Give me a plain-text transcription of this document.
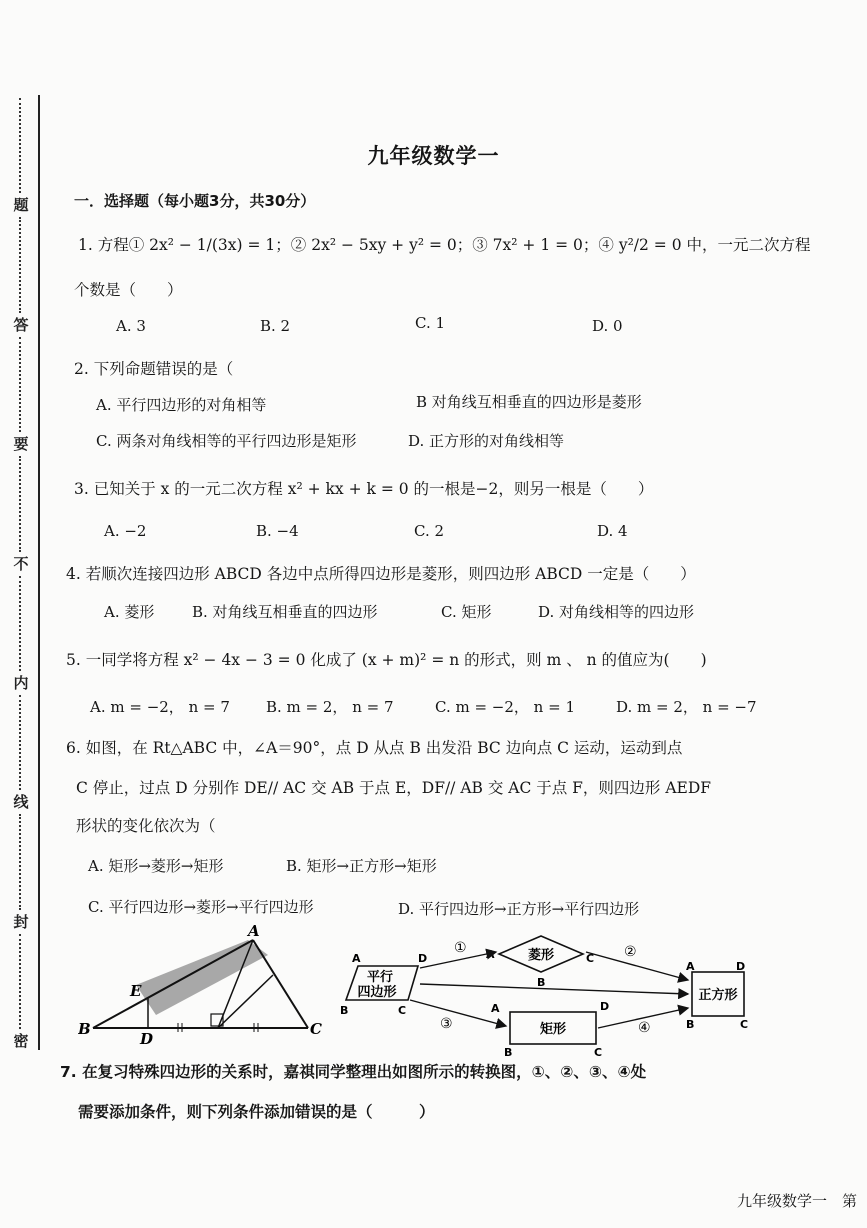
题
答
要
不
内
线
封
密
九年级数学一
一．选择题（每小题3分，共30分）
1. 方程① 2x² − 1/(3x) = 1；② 2x² − 5xy + y² = 0；③ 7x² + 1 = 0；④ y²/2 = 0 中，一元二次方程
个数是（　　）
A. 3	B. 2	C. 1	D. 0
2. 下列命题错误的是（
A. 平行四边形的对角相等	B 对角线互相垂直的四边形是菱形
C. 两条对角线相等的平行四边形是矩形	D. 正方形的对角线相等
3. 已知关于 x 的一元二次方程 x² + kx + k = 0 的一根是−2，则另一根是（　　）
A. −2	B. −4	C. 2	D. 4
4. 若顺次连接四边形 ABCD 各边中点所得四边形是菱形，则四边形 ABCD 一定是（　　）
A. 菱形	B. 对角线互相垂直的四边形	C. 矩形	D. 对角线相等的四边形
5. 一同学将方程 x² − 4x − 3 = 0 化成了 (x + m)² = n 的形式，则 m 、 n 的值应为(　　)
A. m = −2， n = 7 B. m = 2， n = 7	C. m = −2， n = 1	D. m = 2， n = −7
6. 如图，在 Rt△ABC 中，∠A＝90°，点 D 从点 B 出发沿 BC 边向点 C 运动，运动到点
C 停止，过点 D 分别作 DE// AC 交 AB 于点 E，DF// AB 交 AC 于点 F，则四边形 AEDF
形状的变化依次为（
A. 矩形→菱形→矩形	B. 矩形→正方形→矩形
C. 平行四边形→菱形→平行四边形	D. 平行四边形→正方形→平行四边形
A
B	C
D
E
平行
四边形
A	D
B	C
菱形
A	C
B
矩形
A	D
B	C
正方形
A	D
B	C
①	②
③	④
7. 在复习特殊四边形的关系时，嘉祺同学整理出如图所示的转换图，①、②、③、④处
需要添加条件，则下列条件添加错误的是（　　　）
九年级数学一　第
